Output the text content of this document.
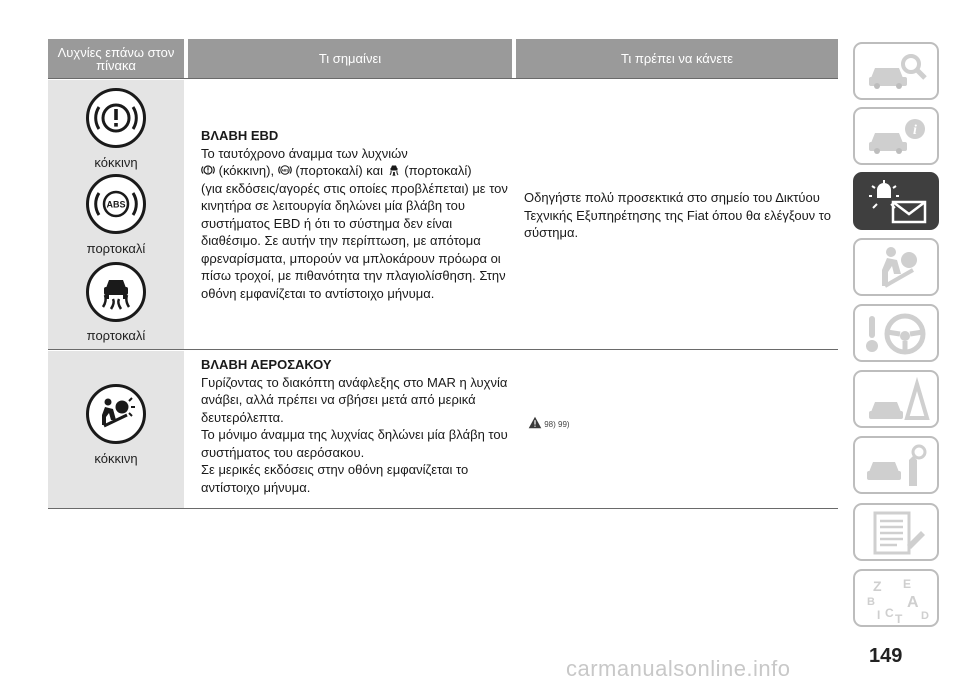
Λυχνίες επάνω στον πίνακα	Τι σημαίνει	Τι πρέπει να κάνετε
κόκκινη
ABS
πορτοκαλί
πορτοκαλί
ΒΛΑΒΗ EBD
Το ταυτόχρονο άναμμα των λυχνιών
(κόκκινη), ABS (πορτοκαλί) και (πορτοκαλί)
(για εκδόσεις/αγορές στις οποίες προβλέπεται) με τον κινητήρα σε λειτουργία δηλώνει μία βλάβη του συστήματος EBD ή ότι το σύστημα δεν είναι διαθέσιμο. Σε αυτήν την περίπτωση, με απότομα φρεναρίσματα, μπορούν να μπλοκάρουν πρόωρα οι πίσω τροχοί, με πιθανότητα την πλαγιολίσθηση. Στην οθόνη εμφανίζεται το αντίστοιχο μήνυμα.
Οδηγήστε πολύ προσεκτικά στο σημείο του Δικτύου Τεχνικής Εξυπηρέτησης της Fiat όπου θα ελέγξουν το σύστημα.
κόκκινη
ΒΛΑΒΗ ΑΕΡΟΣΑΚΟΥ
Γυρίζοντας το διακόπτη ανάφλεξης στο MAR η λυχνία ανάβει, αλλά πρέπει να σβήσει μετά από μερικά δευτερόλεπτα.
Το μόνιμο άναμμα της λυχνίας δηλώνει μία βλάβη του συστήματος του αερόσακου.
Σε μερικές εκδόσεις στην οθόνη εμφανίζεται το αντίστοιχο μήνυμα.
98) 99)
i
Z E
B A
I C T D
149
carmanualsonline.info
